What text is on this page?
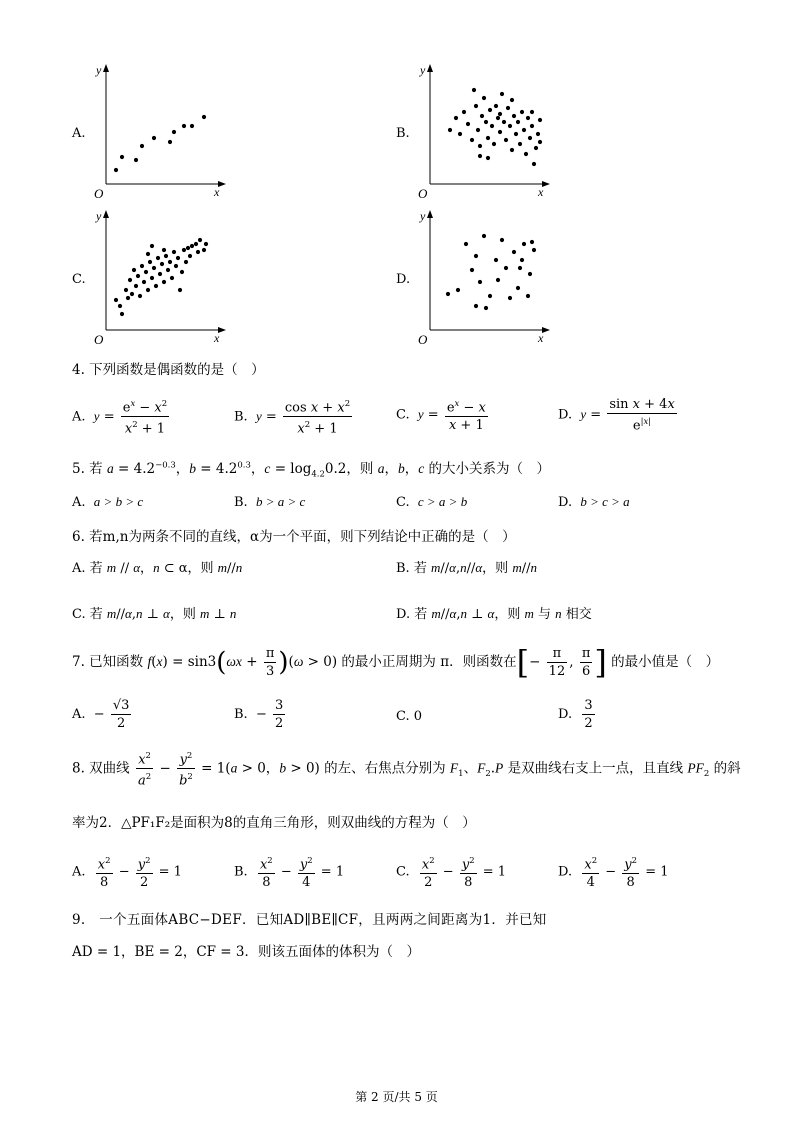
A.
y
x
O
B.
y
x
O
C.
y
x
O
D.
y
x
O
4. 下列函数是偶函数的是（　）
A. $y = \frac{e^x - x^2}{x^2 + 1}$	B. $y = \frac{\cos x + x^2}{x^2 + 1}$	C. $y = \frac{e^x - x}{x + 1}$	D. $y = \frac{\text{sin x + 4x}}{e^{|x|}}$
5. 若 $a = 4.2^{-0.3}$，$b = 4.2^{0.3}$，$c = \log_{4.2}0.2$，则 a，b，c 的大小关系为（　）
A. a > b > c	B. b > a > c	C. c > a > b	D. b > c > a
6. 若m,n为两条不同的直线，α为一个平面，则下列结论中正确的是（　）
A. 若 m // α，n ⊂ α，则 m//n	B. 若 m//α,n//α，则 m//n
C. 若 m//α,n ⊥ α，则 m ⊥ n	D. 若 m//α,n ⊥ α，则 m 与 n 相交
7. 已知函数 $f(x) = \sin 3(\omega x + \frac{\pi}{3} )(\omega > 0)$ 的最小正周期为 π．则函数在[− $\frac{\pi}{12}$ , $\frac{\pi}{6}$ ] 的最小值是（　）
A.  − $\frac{√3}{2}$	B.  − $\frac{3}{2}$	C. 0	D. $\frac{3}{2}$
8. 双曲线 $\frac{x^2}{a^2} - \frac{y^2}{b^2} = 1(a > 0$，b > 0) 的左、右焦点分别为 $F_1$、$F_2.P$ 是双曲线右支上一点，且直线 $PF_2$ 的斜
率为2．△PF₁F₂是面积为8的直角三角形，则双曲线的方程为（　）
A. $\frac{x^2}{8} - \frac{y^2}{2} = 1$	B. $\frac{x^2}{8} - \frac{y^2}{4} = 1$	C. $\frac{x^2}{2} - \frac{y^2}{8} = 1$	D. $\frac{x^2}{4} - \frac{y^2}{8} = 1$
9.　一个五面体ABC−DEF．已知AD∥BE∥CF，且两两之间距离为1．并已知
AD = 1，BE = 2，CF = 3．则该五面体的体积为（　）
第 2 页/共 5 页
